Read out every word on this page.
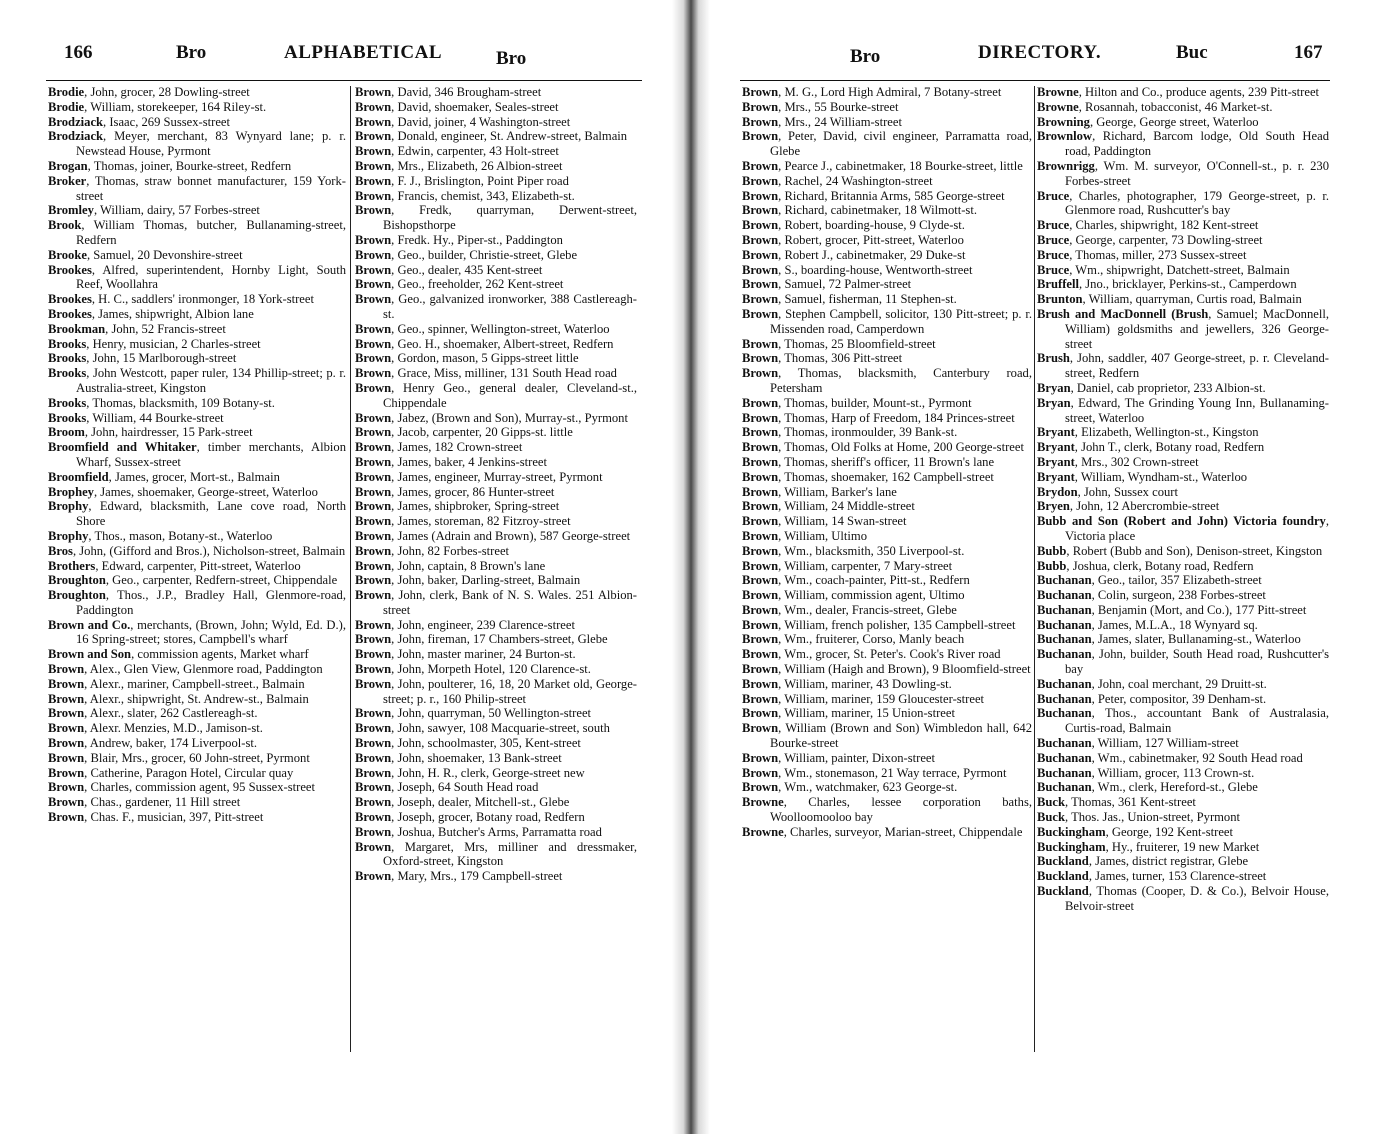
166	Bro	ALPHABETICAL	Bro

Brodie, John, grocer, 28 Dowling-street

Brodie, William, storekeeper, 164 Riley-st.

Brodziack, Isaac, 269 Sussex-street

Brodziack, Meyer, merchant, 83 Wynyard lane; p. r. Newstead House, Pyrmont

Brogan, Thomas, joiner, Bourke-street, Redfern

Broker, Thomas, straw bonnet manufacturer, 159 York-street

Bromley, William, dairy, 57 Forbes-street

Brook, William Thomas, butcher, Bullanaming-street, Redfern

Brooke, Samuel, 20 Devonshire-street

Brookes, Alfred, superintendent, Hornby Light, South Reef, Woollahra

Brookes, H. C., saddlers' ironmonger, 18 York-street

Brookes, James, shipwright, Albion lane

Brookman, John, 52 Francis-street

Brooks, Henry, musician, 2 Charles-street

Brooks, John, 15 Marlborough-street

Brooks, John Westcott, paper ruler, 134 Phillip-street; p. r. Australia-street, Kingston

Brooks, Thomas, blacksmith, 109 Botany-st.

Brooks, William, 44 Bourke-street

Broom, John, hairdresser, 15 Park-street

Broomfield and Whitaker, timber merchants, Albion Wharf, Sussex-street

Broomfield, James, grocer, Mort-st., Balmain

Brophey, James, shoemaker, George-street, Waterloo

Brophy, Edward, blacksmith, Lane cove road, North Shore

Brophy, Thos., mason, Botany-st., Waterloo

Bros, John, (Gifford and Bros.), Nicholson-street, Balmain

Brothers, Edward, carpenter, Pitt-street, Waterloo

Broughton, Geo., carpenter, Redfern-street, Chippendale

Broughton, Thos., J.P., Bradley Hall, Glenmore-road, Paddington

Brown and Co., merchants, (Brown, John; Wyld, Ed. D.), 16 Spring-street; stores, Campbell's wharf

Brown and Son, commission agents, Market wharf

Brown, Alex., Glen View, Glenmore road, Paddington

Brown, Alexr., mariner, Campbell-street., Balmain

Brown, Alexr., shipwright, St. Andrew-st., Balmain

Brown, Alexr., slater, 262 Castlereagh-st.

Brown, Alexr. Menzies, M.D., Jamison-st.

Brown, Andrew, baker, 174 Liverpool-st.

Brown, Blair, Mrs., grocer, 60 John-street, Pyrmont

Brown, Catherine, Paragon Hotel, Circular quay

Brown, Charles, commission agent, 95 Sussex-street

Brown, Chas., gardener, 11 Hill street

Brown, Chas. F., musician, 397, Pitt-street

Brown, David, 346 Brougham-street

Brown, David, shoemaker, Seales-street

Brown, David, joiner, 4 Washington-street

Brown, Donald, engineer, St. Andrew-street, Balmain

Brown, Edwin, carpenter, 43 Holt-street

Brown, Mrs., Elizabeth, 26 Albion-street

Brown, F. J., Brislington, Point Piper road

Brown, Francis, chemist, 343, Elizabeth-st.

Brown, Fredk, quarryman, Derwent-street, Bishopsthorpe

Brown, Fredk. Hy., Piper-st., Paddington

Brown, Geo., builder, Christie-street, Glebe

Brown, Geo., dealer, 435 Kent-street

Brown, Geo., freeholder, 262 Kent-street

Brown, Geo., galvanized ironworker, 388 Castlereagh-st.

Brown, Geo., spinner, Wellington-street, Waterloo

Brown, Geo. H., shoemaker, Albert-street, Redfern

Brown, Gordon, mason, 5 Gipps-street little

Brown, Grace, Miss, milliner, 131 South Head road

Brown, Henry Geo., general dealer, Cleveland-st., Chippendale

Brown, Jabez, (Brown and Son), Murray-st., Pyrmont

Brown, Jacob, carpenter, 20 Gipps-st. little

Brown, James, 182 Crown-street

Brown, James, baker, 4 Jenkins-street

Brown, James, engineer, Murray-street, Pyrmont

Brown, James, grocer, 86 Hunter-street

Brown, James, shipbroker, Spring-street

Brown, James, storeman, 82 Fitzroy-street

Brown, James (Adrain and Brown), 587 George-street

Brown, John, 82 Forbes-street

Brown, John, captain, 8 Brown's lane

Brown, John, baker, Darling-street, Balmain

Brown, John, clerk, Bank of N. S. Wales. 251 Albion-street

Brown, John, engineer, 239 Clarence-street

Brown, John, fireman, 17 Chambers-street, Glebe

Brown, John, master mariner, 24 Burton-st.

Brown, John, Morpeth Hotel, 120 Clarence-st.

Brown, John, poulterer, 16, 18, 20 Market old, George-street; p. r., 160 Philip-street

Brown, John, quarryman, 50 Wellington-street

Brown, John, sawyer, 108 Macquarie-street, south

Brown, John, schoolmaster, 305, Kent-street

Brown, John, shoemaker, 13 Bank-street

Brown, John, H. R., clerk, George-street new

Brown, Joseph, 64 South Head road

Brown, Joseph, dealer, Mitchell-st., Glebe

Brown, Joseph, grocer, Botany road, Redfern

Brown, Joshua, Butcher's Arms, Parramatta road

Brown, Margaret, Mrs, milliner and dressmaker, Oxford-street, Kingston

Brown, Mary, Mrs., 179 Campbell-street

Bro	DIRECTORY.	Buc	167

Brown, M. G., Lord High Admiral, 7 Botany-street

Brown, Mrs., 55 Bourke-street

Brown, Mrs., 24 William-street

Brown, Peter, David, civil engineer, Parramatta road, Glebe

Brown, Pearce J., cabinetmaker, 18 Bourke-street, little

Brown, Rachel, 24 Washington-street

Brown, Richard, Britannia Arms, 585 George-street

Brown, Richard, cabinetmaker, 18 Wilmott-st.

Brown, Robert, boarding-house, 9 Clyde-st.

Brown, Robert, grocer, Pitt-street, Waterloo

Brown, Robert J., cabinetmaker, 29 Duke-st

Brown, S., boarding-house, Wentworth-street

Brown, Samuel, 72 Palmer-street

Brown, Samuel, fisherman, 11 Stephen-st.

Brown, Stephen Campbell, solicitor, 130 Pitt-street; p. r. Missenden road, Camperdown

Brown, Thomas, 25 Bloomfield-street

Brown, Thomas, 306 Pitt-street

Brown, Thomas, blacksmith, Canterbury road, Petersham

Brown, Thomas, builder, Mount-st., Pyrmont

Brown, Thomas, Harp of Freedom, 184 Princes-street

Brown, Thomas, ironmoulder, 39 Bank-st.

Brown, Thomas, Old Folks at Home, 200 George-street

Brown, Thomas, sheriff's officer, 11 Brown's lane

Brown, Thomas, shoemaker, 162 Campbell-street

Brown, William, Barker's lane

Brown, William, 24 Middle-street

Brown, William, 14 Swan-street

Brown, William, Ultimo

Brown, Wm., blacksmith, 350 Liverpool-st.

Brown, William, carpenter, 7 Mary-street

Brown, Wm., coach-painter, Pitt-st., Redfern

Brown, William, commission agent, Ultimo

Brown, Wm., dealer, Francis-street, Glebe

Brown, William, french polisher, 135 Campbell-street

Brown, Wm., fruiterer, Corso, Manly beach

Brown, Wm., grocer, St. Peter's. Cook's River road

Brown, William (Haigh and Brown), 9 Bloomfield-street

Brown, William, mariner, 43 Dowling-st.

Brown, William, mariner, 159 Gloucester-street

Brown, William, mariner, 15 Union-street

Brown, William (Brown and Son) Wimbledon hall, 642 Bourke-street

Brown, William, painter, Dixon-street

Brown, Wm., stonemason, 21 Way terrace, Pyrmont

Brown, Wm., watchmaker, 623 George-st.

Browne, Charles, lessee corporation baths, Woolloomooloo bay

Browne, Charles, surveyor, Marian-street, Chippendale

Browne, Hilton and Co., produce agents, 239 Pitt-street

Browne, Rosannah, tobacconist, 46 Market-st.

Browning, George, George street, Waterloo

Brownlow, Richard, Barcom lodge, Old South Head road, Paddington

Brownrigg, Wm. M. surveyor, O'Connell-st., p. r. 230 Forbes-street

Bruce, Charles, photographer, 179 George-street, p. r. Glenmore road, Rushcutter's bay

Bruce, Charles, shipwright, 182 Kent-street

Bruce, George, carpenter, 73 Dowling-street

Bruce, Thomas, miller, 273 Sussex-street

Bruce, Wm., shipwright, Datchett-street, Balmain

Bruffell, Jno., bricklayer, Perkins-st., Camperdown

Brunton, William, quarryman, Curtis road, Balmain

Brush and MacDonnell (Brush, Samuel; MacDonnell, William) goldsmiths and jewellers, 326 George-street

Brush, John, saddler, 407 George-street, p. r. Cleveland-street, Redfern

Bryan, Daniel, cab proprietor, 233 Albion-st.

Bryan, Edward, The Grinding Young Inn, Bullanaming-street, Waterloo

Bryant, Elizabeth, Wellington-st., Kingston

Bryant, John T., clerk, Botany road, Redfern

Bryant, Mrs., 302 Crown-street

Bryant, William, Wyndham-st., Waterloo

Brydon, John, Sussex court

Bryen, John, 12 Abercrombie-street

Bubb and Son (Robert and John) Victoria foundry, Victoria place

Bubb, Robert (Bubb and Son), Denison-street, Kingston

Bubb, Joshua, clerk, Botany road, Redfern

Buchanan, Geo., tailor, 357 Elizabeth-street

Buchanan, Colin, surgeon, 238 Forbes-street

Buchanan, Benjamin (Mort, and Co.), 177 Pitt-street

Buchanan, James, M.L.A., 18 Wynyard sq.

Buchanan, James, slater, Bullanaming-st., Waterloo

Buchanan, John, builder, South Head road, Rushcutter's bay

Buchanan, John, coal merchant, 29 Druitt-st.

Buchanan, Peter, compositor, 39 Denham-st.

Buchanan, Thos., accountant Bank of Australasia, Curtis-road, Balmain

Buchanan, William, 127 William-street

Buchanan, Wm., cabinetmaker, 92 South Head road

Buchanan, William, grocer, 113 Crown-st.

Buchanan, Wm., clerk, Hereford-st., Glebe

Buck, Thomas, 361 Kent-street

Buck, Thos. Jas., Union-street, Pyrmont

Buckingham, George, 192 Kent-street

Buckingham, Hy., fruiterer, 19 new Market

Buckland, James, district registrar, Glebe

Buckland, James, turner, 153 Clarence-street

Buckland, Thomas (Cooper, D. & Co.), Belvoir House, Belvoir-street
